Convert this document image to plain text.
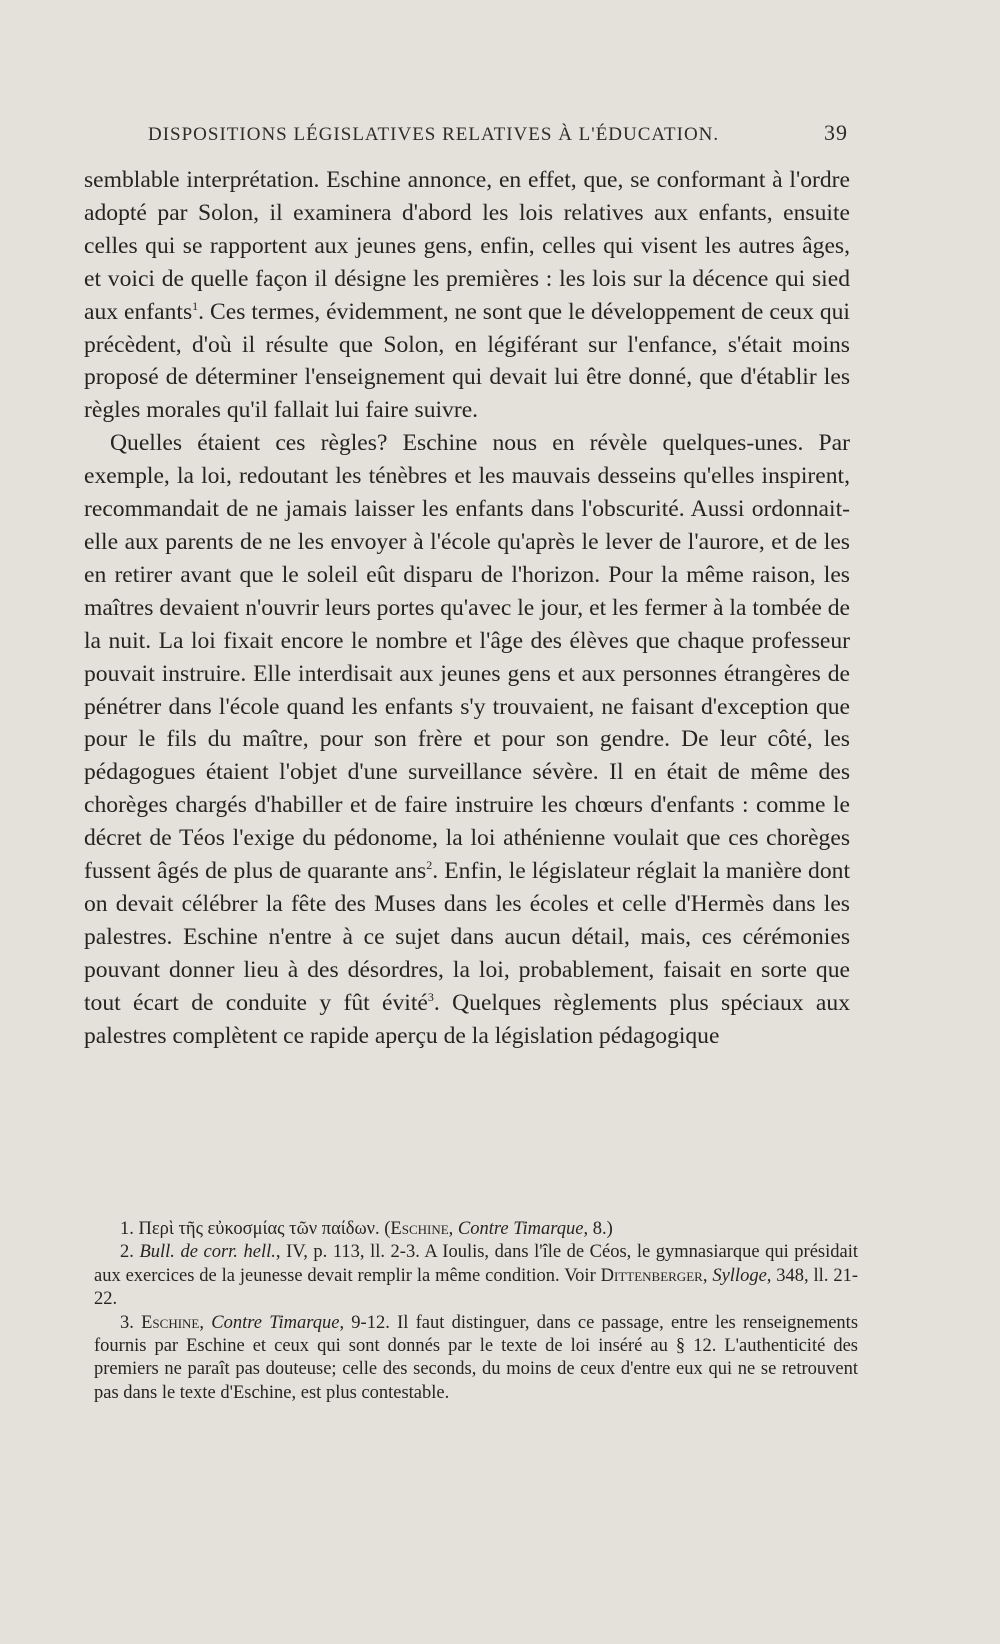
DISPOSITIONS LÉGISLATIVES RELATIVES À L'ÉDUCATION.	39

semblable interprétation. Eschine annonce, en effet, que, se conformant à l'ordre adopté par Solon, il examinera d'abord les lois relatives aux enfants, ensuite celles qui se rapportent aux jeunes gens, enfin, celles qui visent les autres âges, et voici de quelle façon il désigne les premières : les lois sur la décence qui sied aux enfants$^1$. Ces termes, évidemment, ne sont que le développement de ceux qui précèdent, d'où il résulte que Solon, en légiférant sur l'enfance, s'était moins proposé de déterminer l'enseignement qui devait lui être donné, que d'établir les règles morales qu'il fallait lui faire suivre.

Quelles étaient ces règles? Eschine nous en révèle quelques-unes. Par exemple, la loi, redoutant les ténèbres et les mauvais desseins qu'elles inspirent, recommandait de ne jamais laisser les enfants dans l'obscurité. Aussi ordonnait-elle aux parents de ne les envoyer à l'école qu'après le lever de l'aurore, et de les en retirer avant que le soleil eût disparu de l'horizon. Pour la même raison, les maîtres devaient n'ouvrir leurs portes qu'avec le jour, et les fermer à la tombée de la nuit. La loi fixait encore le nombre et l'âge des élèves que chaque professeur pouvait instruire. Elle interdisait aux jeunes gens et aux personnes étrangères de pénétrer dans l'école quand les enfants s'y trouvaient, ne faisant d'exception que pour le fils du maître, pour son frère et pour son gendre. De leur côté, les pédagogues étaient l'objet d'une surveillance sévère. Il en était de même des chorèges chargés d'habiller et de faire instruire les chœurs d'enfants : comme le décret de Téos l'exige du pédonome, la loi athénienne voulait que ces chorèges fussent âgés de plus de quarante ans$^2$. Enfin, le législateur réglait la manière dont on devait célébrer la fête des Muses dans les écoles et celle d'Hermès dans les palestres. Eschine n'entre à ce sujet dans aucun détail, mais, ces cérémonies pouvant donner lieu à des désordres, la loi, probablement, faisait en sorte que tout écart de conduite y fût évité$^3$. Quelques règlements plus spéciaux aux palestres complètent ce rapide aperçu de la législation pédagogique

1. Περὶ τῆς εὐκοσμίας τῶν παίδων. (Eschine, Contre Timarque, 8.)

2. Bull. de corr. hell., IV, p. 113, ll. 2-3. A Ioulis, dans l'île de Céos, le gymnasiarque qui présidait aux exercices de la jeunesse devait remplir la même condition. Voir Dittenberger, Sylloge, 348, ll. 21-22.

3. Eschine, Contre Timarque, 9-12. Il faut distinguer, dans ce passage, entre les renseignements fournis par Eschine et ceux qui sont donnés par le texte de loi inséré au § 12. L'authenticité des premiers ne paraît pas douteuse; celle des seconds, du moins de ceux d'entre eux qui ne se retrouvent pas dans le texte d'Eschine, est plus contestable.
